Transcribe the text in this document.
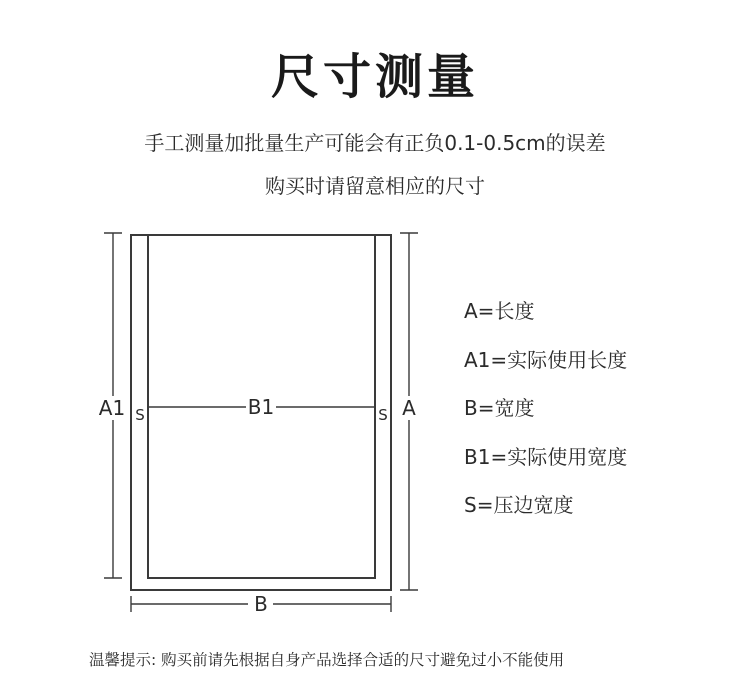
尺寸测量
手工测量加批量生产可能会有正负0.1-0.5cm的误差
购买时请留意相应的尺寸
A1	A
B1
S	S
B
A=长度
A1=实际使用长度
B=宽度
B1=实际使用宽度
S=压边宽度
温馨提示: 购买前请先根据自身产品选择合适的尺寸避免过小不能使用
